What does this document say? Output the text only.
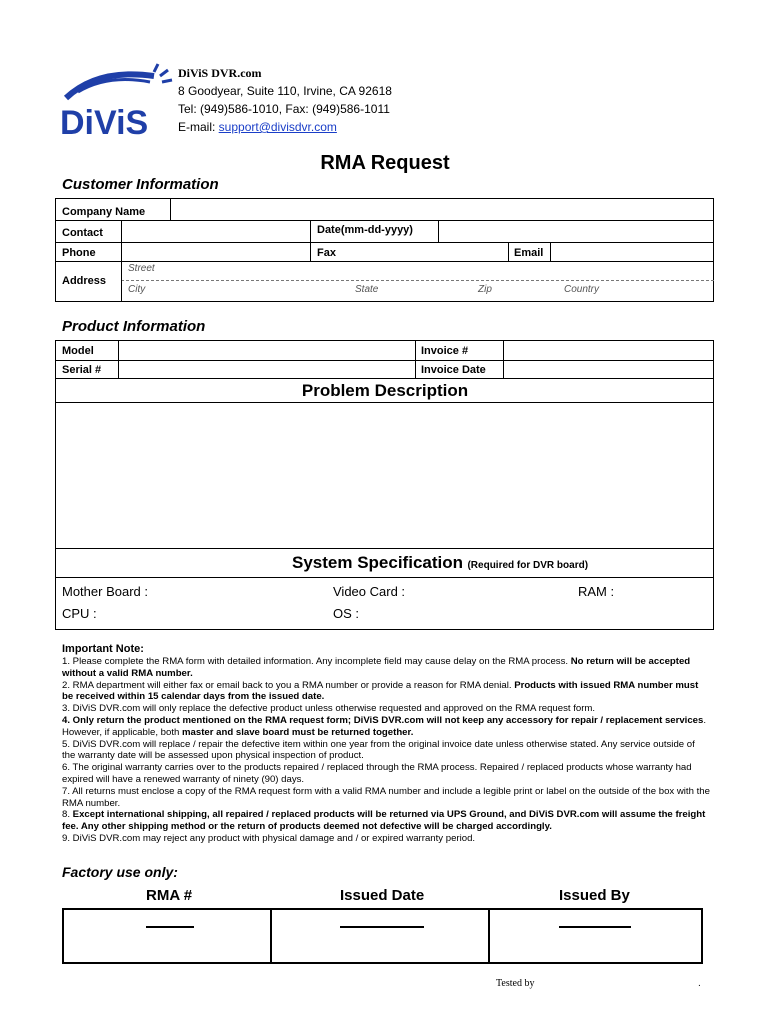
DiViS
DiViS DVR.com
8 Goodyear, Suite 110, Irvine, CA 92618
Tel: (949)586-1010, Fax: (949)586-1011
E-mail: support@divisdvr.com
RMA Request
Customer Information
Company Name
Contact	Date(mm-dd-yyyy)
Phone	Fax	Email
Address
Street
City	State	Zip	Country
Product Information
Model	Invoice #
Serial #	Invoice Date
Problem Description
System Specification (Required for DVR board)
Mother Board :	Video Card :	RAM :
CPU :	OS :
Important Note:

1. Please complete the RMA form with detailed information. Any incomplete field may cause delay on the RMA process. No return will be accepted without a valid RMA number.

2. RMA department will either fax or email back to you a RMA number or provide a reason for RMA denial. Products with issued RMA number must be received within 15 calendar days from the issued date.

3. DiViS DVR.com will only replace the defective product unless otherwise requested and approved on the RMA request form.

4. Only return the product mentioned on the RMA request form; DiViS DVR.com will not keep any accessory for repair / replacement services. However, if applicable, both master and slave board must be returned together.

5. DiViS DVR.com will replace / repair the defective item within one year from the original invoice date unless otherwise stated. Any service outside of the warranty date will be assessed upon physical inspection of product.

6. The original warranty carries over to the products repaired / replaced through the RMA process. Repaired / replaced products whose warranty had expired will have a renewed warranty of ninety (90) days.

7. All returns must enclose a copy of the RMA request form with a valid RMA number and include a legible print or label on the outside of the box with the RMA number.

8. Except international shipping, all repaired / replaced products will be returned via UPS Ground, and DiViS DVR.com will assume the freight fee. Any other shipping method or the return of products deemed not defective will be charged accordingly.

9. DiViS DVR.com may reject any product with physical damage and / or expired warranty period.

Factory use only:
RMA #	Issued Date	Issued By
Tested by	.
